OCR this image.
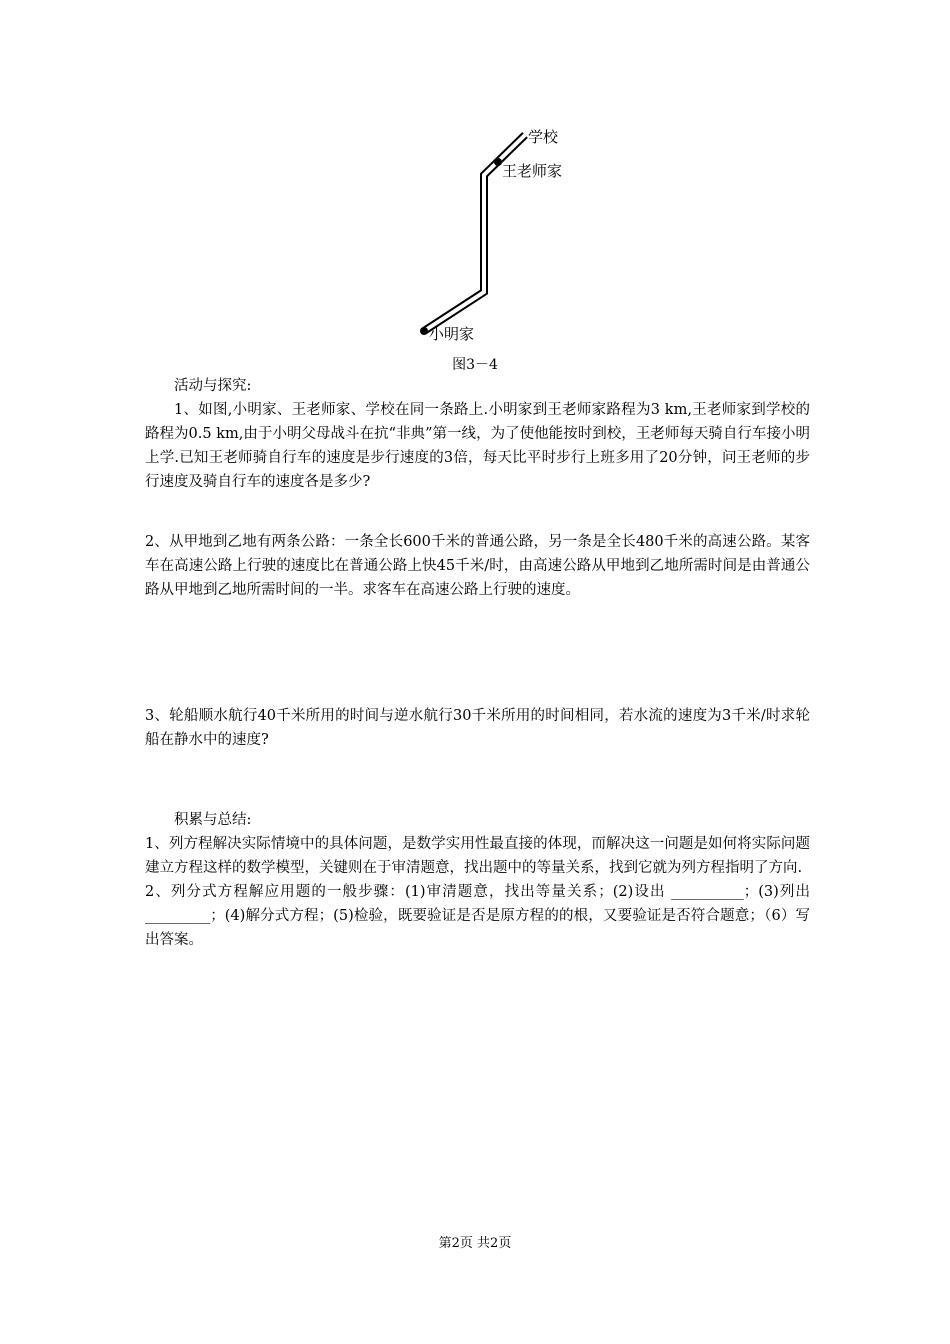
学校
王老师家
小明家
图3－4

活动与探究:

1、如图,小明家、王老师家、学校在同一条路上.小明家到王老师家路程为3 km,王老师家到学校的路程为0.5 km,由于小明父母战斗在抗“非典”第一线，为了使他能按时到校，王老师每天骑自行车接小明上学.已知王老师骑自行车的速度是步行速度的3倍，每天比平时步行上班多用了20分钟，问王老师的步行速度及骑自行车的速度各是多少?

2、从甲地到乙地有两条公路：一条全长600千米的普通公路，另一条是全长480千米的高速公路。某客车在高速公路上行驶的速度比在普通公路上快45千米/时，由高速公路从甲地到乙地所需时间是由普通公路从甲地到乙地所需时间的一半。求客车在高速公路上行驶的速度。

3、轮船顺水航行40千米所用的时间与逆水航行30千米所用的时间相同，若水流的速度为3千米/时求轮船在静水中的速度?

积累与总结:

1、列方程解决实际情境中的具体问题，是数学实用性最直接的体现，而解决这一问题是如何将实际问题建立方程这样的数学模型，关键则在于审清题意，找出题中的等量关系，找到它就为列方程指明了方向.

2、列分式方程解应用题的一般步骤：(1)审清题意，找出等量关系；(2)设出 __________；(3)列出_________；(4)解分式方程；(5)检验，既要验证是否是原方程的的根，又要验证是否符合题意；（6）写出答案。

第2页 共2页
